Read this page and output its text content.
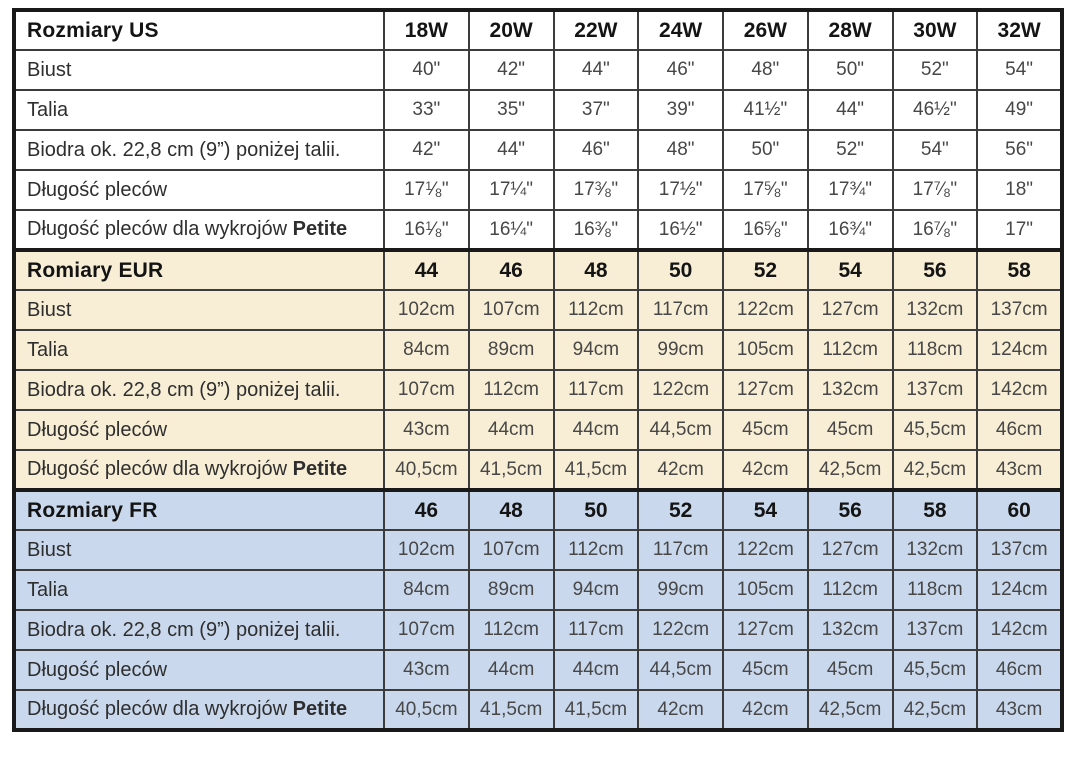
Rozmiary US	18W	20W	22W	24W	26W	28W	30W	32W
Biust	40"	42"	44"	46"	48"	50"	52"	54"
Talia	33"	35"	37"	39"	41½"	44"	46½"	49"
Biodra ok. 22,8 cm (9”) poniżej talii.	42"	44"	46"	48"	50"	52"	54"	56"
Długość pleców	$17^1⁄_8$"	17¼"	$17^3⁄_8$"	17½"	$17^5⁄_8$"	17¾"	$17^7⁄_8$"	18"
Długość pleców dla wykrojów Petite	$16^1⁄_8$"	16¼"	$16^3⁄_8$"	16½"	$16^5⁄_8$"	16¾"	$16^7⁄_8$"	17"
Romiary EUR	44	46	48	50	52	54	56	58
Biust	102cm	107cm	112cm	117cm	122cm	127cm	132cm	137cm
Talia	84cm	89cm	94cm	99cm	105cm	112cm	118cm	124cm
Biodra ok. 22,8 cm (9”) poniżej talii.	107cm	112cm	117cm	122cm	127cm	132cm	137cm	142cm
Długość pleców	43cm	44cm	44cm	44,5cm	45cm	45cm	45,5cm	46cm
Długość pleców dla wykrojów Petite	40,5cm	41,5cm	41,5cm	42cm	42cm	42,5cm	42,5cm	43cm
Rozmiary FR	46	48	50	52	54	56	58	60
Biust	102cm	107cm	112cm	117cm	122cm	127cm	132cm	137cm
Talia	84cm	89cm	94cm	99cm	105cm	112cm	118cm	124cm
Biodra ok. 22,8 cm (9”) poniżej talii.	107cm	112cm	117cm	122cm	127cm	132cm	137cm	142cm
Długość pleców	43cm	44cm	44cm	44,5cm	45cm	45cm	45,5cm	46cm
Długość pleców dla wykrojów Petite	40,5cm	41,5cm	41,5cm	42cm	42cm	42,5cm	42,5cm	43cm
